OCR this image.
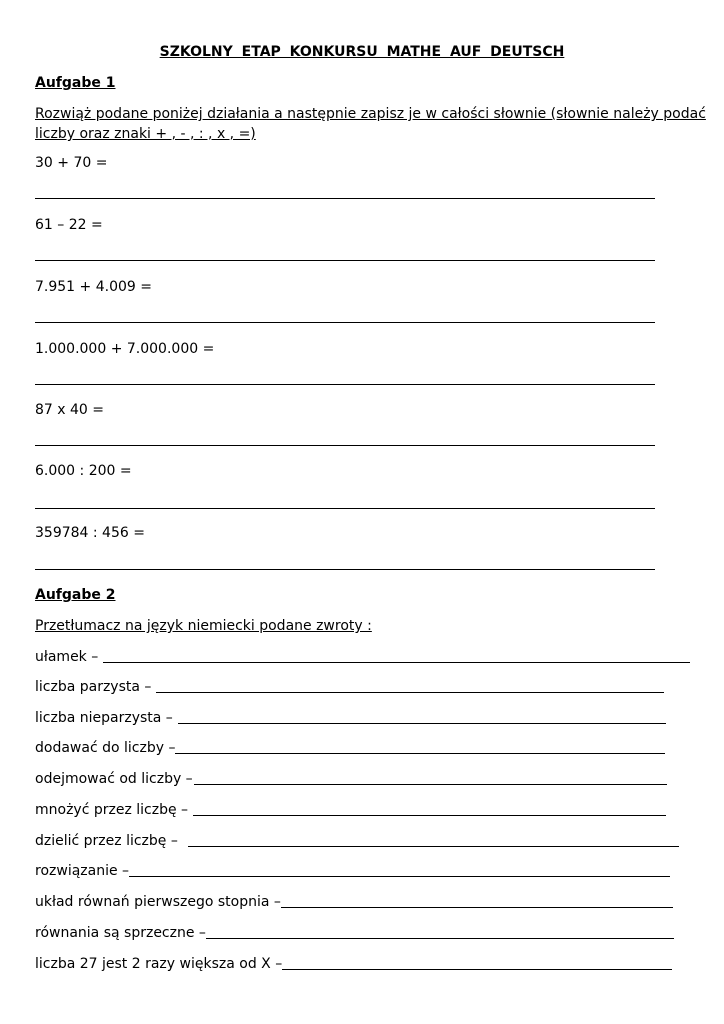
SZKOLNY ETAP KONKURSU MATHE AUF DEUTSCH
Aufgabe 1
Rozwiąż podane poniżej działania a następnie zapisz je w całości słownie (słownie należy podać
liczby oraz znaki + , - , : , x , =)
30 + 70 =
61 – 22 =
7.951 + 4.009 =
1.000.000 + 7.000.000 =
87 x 40 =
6.000 : 200 =
359784 : 456 =
Aufgabe 2
Przetłumacz na język niemiecki podane zwroty :
ułamek –
liczba parzysta –
liczba nieparzysta –
dodawać do liczby –
odejmować od liczby –
mnożyć przez liczbę –
dzielić przez liczbę –
rozwiązanie –
układ równań pierwszego stopnia –
równania są sprzeczne –
liczba 27 jest 2 razy większa od X –
